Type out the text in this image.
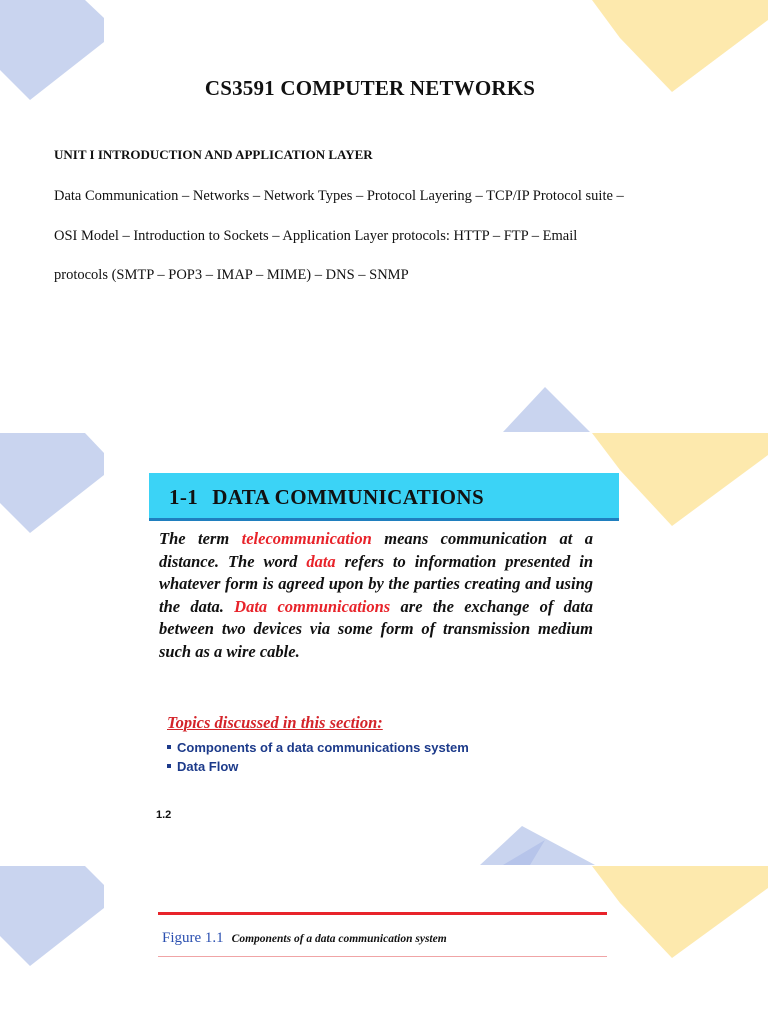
CS3591 COMPUTER NETWORKS
UNIT I INTRODUCTION AND APPLICATION LAYER
Data Communication – Networks – Network Types – Protocol Layering – TCP/IP Protocol suite –
OSI Model – Introduction to Sockets – Application Layer protocols: HTTP – FTP – Email
protocols (SMTP – POP3 – IMAP – MIME) – DNS – SNMP
1-1 DATA COMMUNICATIONS
The term telecommunication means communication at a distance. The word data refers to information presented in whatever form is agreed upon by the parties creating and using the data. Data communications are the exchange of data between two devices via some form of transmission medium such as a wire cable.
Topics discussed in this section:
Components of a data communications system
Data Flow
1.2
Figure 1.1 Components of a data communication system
